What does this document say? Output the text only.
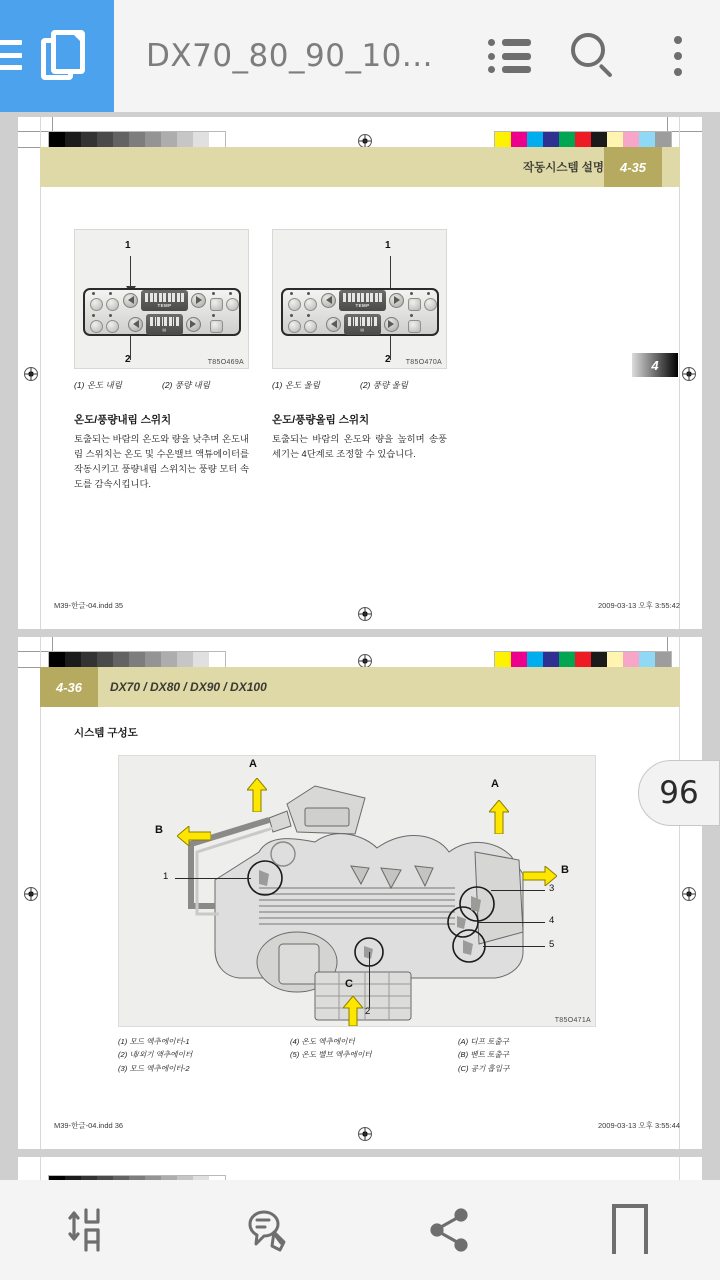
DX70_80_90_10...
작동시스템 설명	4-35
4
1
TEMP
▤
2	T85O469A
1
TEMP
▤
2 T85O470A
(1) 온도 내림	(2) 풍량 내림	(1) 온도 올림	(2) 풍량 올림
온도/풍량내림 스위치
토출되는 바람의 온도와 량을 낮추며 온도내림 스위치는 온도 및 수온밸브 액튜에이터를 작동시키고 풍량내림 스위치는 풍량 모터 속도를 감속시킵니다.
온도/풍량올림 스위치
토출되는 바람의 온도와 량을 높히며 송풍 세기는 4단계로 조정할 수 있습니다.
M39-한글-04.indd 35	2009-03-13 오후 3:55:42
4-36	DX70 / DX80 / DX90 / DX100
시스템 구성도
A
A
B
B
C
1
2
3
4
5
T85O471A
(1) 모드 액추에이터-1
(2) 내/외기 액추에이터
(3) 모드 액추에이터-2
(4) 온도 액추에이터
(5) 온도 밸브 액추에이터
(A) 디프 토출구
(B) 벤트 토출구
(C) 공기 흡입구
M39-한글-04.indd 36	2009-03-13 오후 3:55:44
96
